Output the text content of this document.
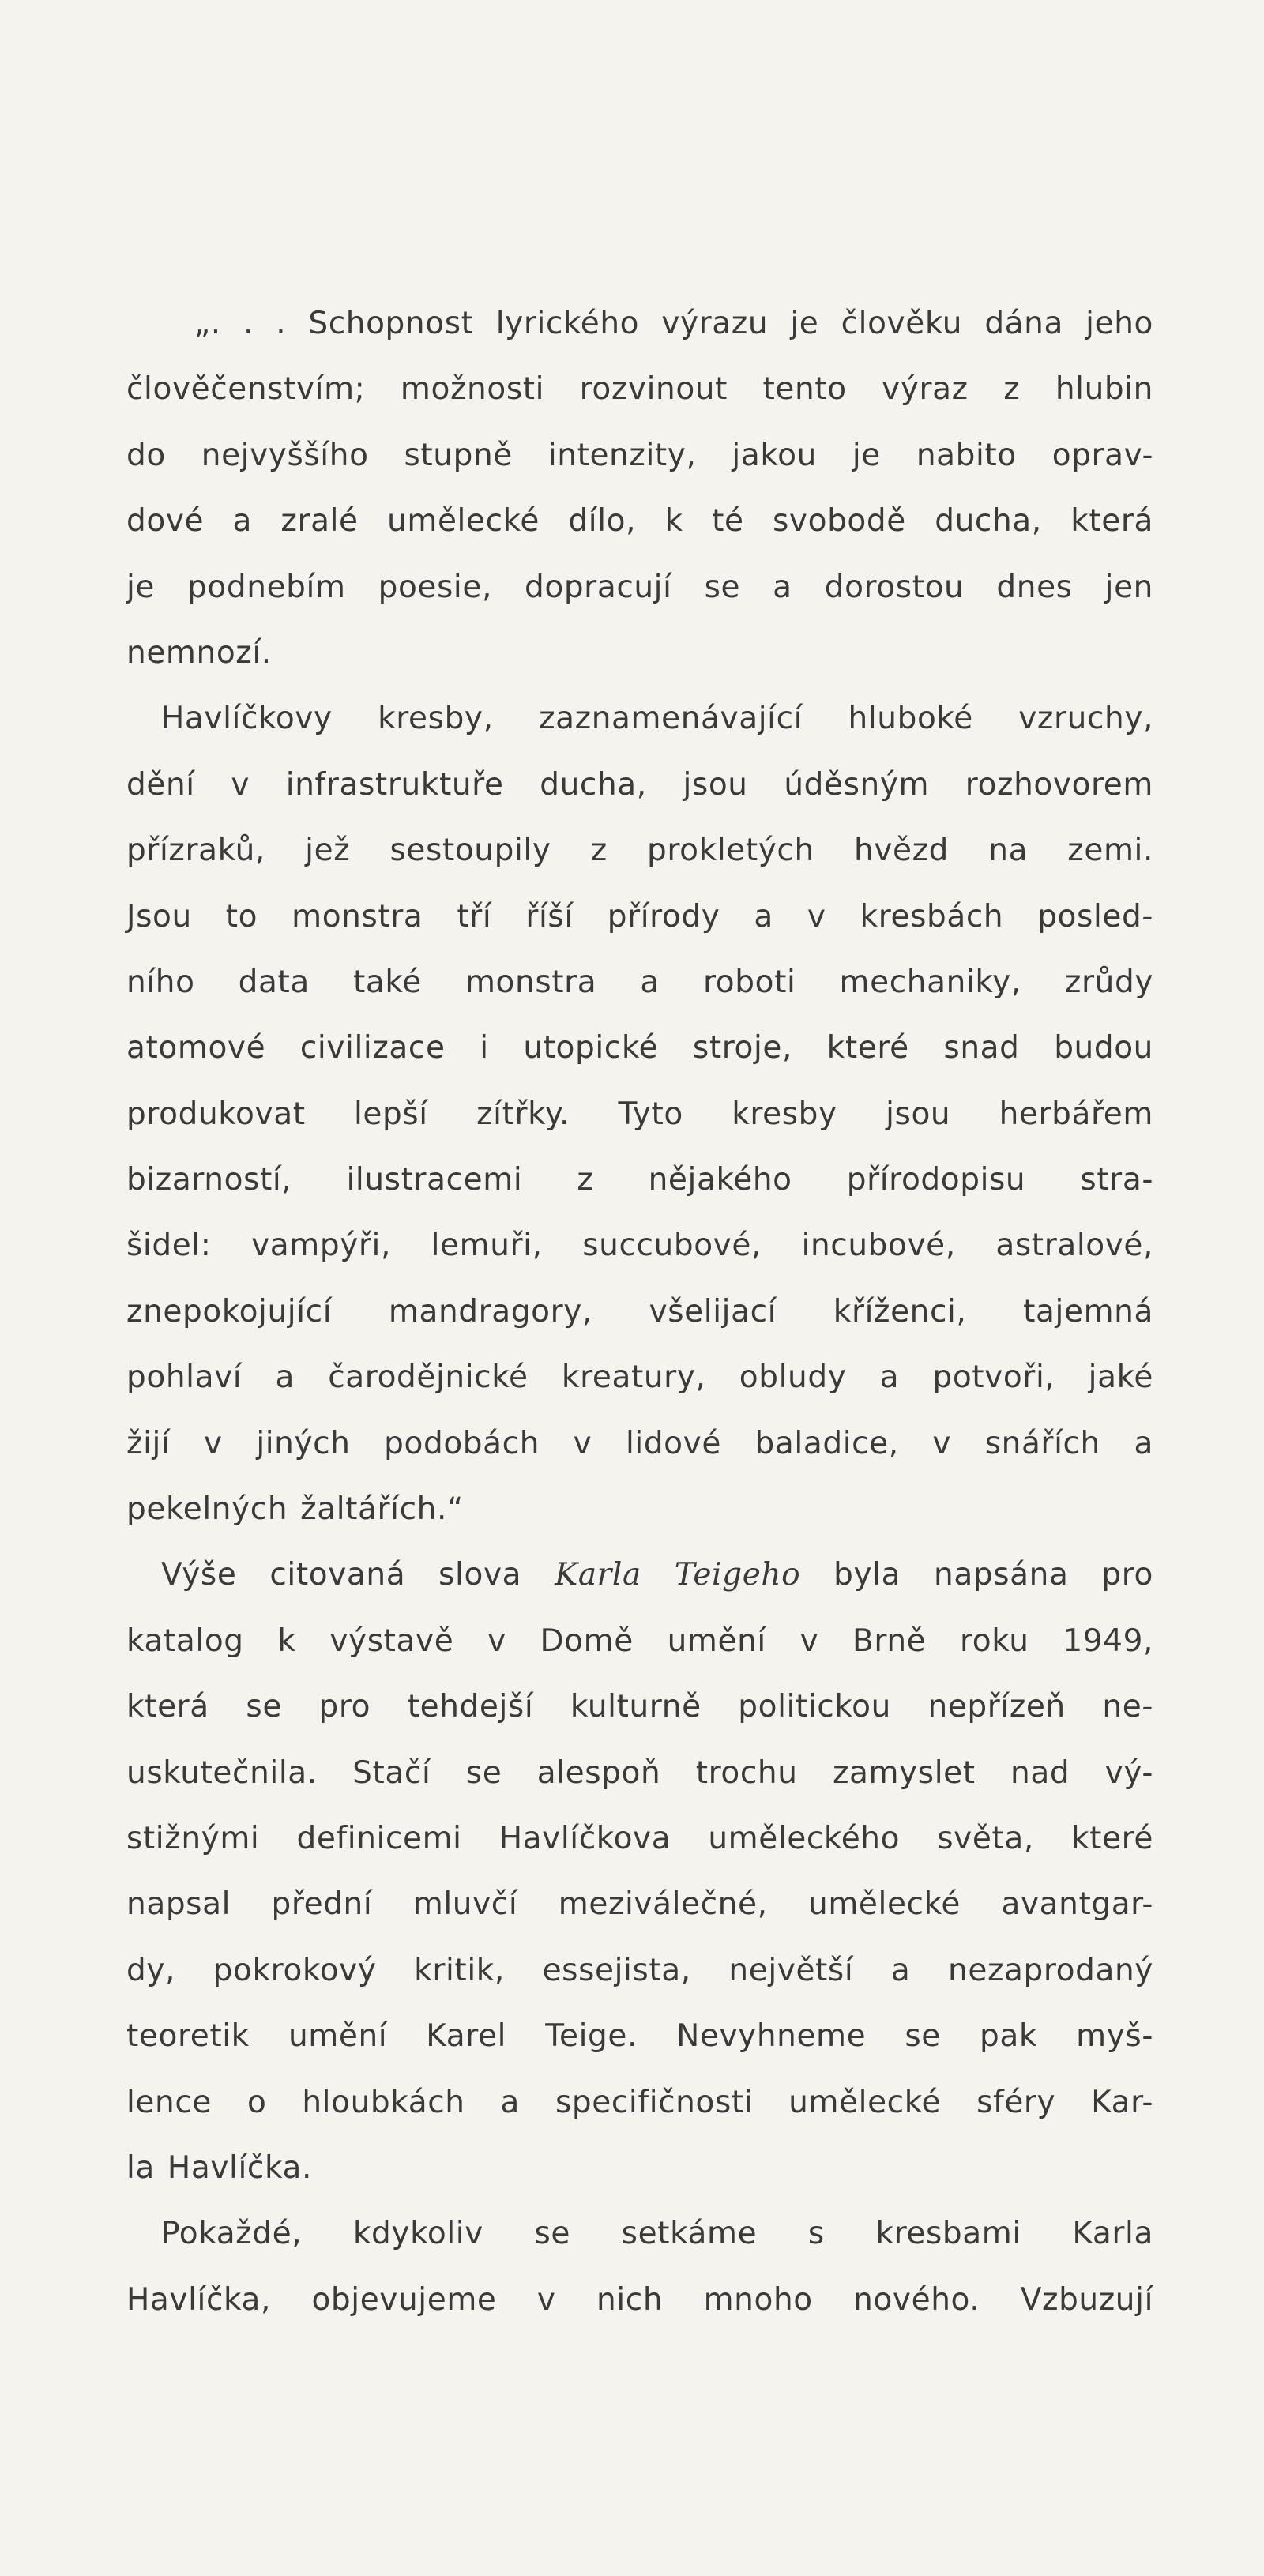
„. . . Schopnost lyrického výrazu je člověku dána jeho
člověčenstvím; možnosti rozvinout tento výraz z hlubin
do nejvyššího stupně intenzity, jakou je nabito oprav-
dové a zralé umělecké dílo, k té svobodě ducha, která
je podnebím poesie, dopracují se a dorostou dnes jen
nemnozí.
Havlíčkovy kresby, zaznamenávající hluboké vzruchy,
dění v infrastruktuře ducha, jsou úděsným rozhovorem
přízraků, jež sestoupily z prokletých hvězd na zemi.
Jsou to monstra tří říší přírody a v kresbách posled-
ního data také monstra a roboti mechaniky, zrůdy
atomové civilizace i utopické stroje, které snad budou
produkovat lepší zítřky. Tyto kresby jsou herbářem
bizarností, ilustracemi z nějakého přírodopisu stra-
šidel: vampýři, lemuři, succubové, incubové, astralové,
znepokojující mandragory, všelijací kříženci, tajemná
pohlaví a čarodějnické kreatury, obludy a potvoři, jaké
žijí v jiných podobách v lidové baladice, v snářích a
pekelných žaltářích.“
Výše citovaná slova Karla Teigeho byla napsána pro
katalog k výstavě v Domě umění v Brně roku 1949,
která se pro tehdejší kulturně politickou nepřízeň ne-
uskutečnila. Stačí se alespoň trochu zamyslet nad vý-
stižnými definicemi Havlíčkova uměleckého světa, které
napsal přední mluvčí meziválečné, umělecké avantgar-
dy, pokrokový kritik, essejista, největší a nezaprodaný
teoretik umění Karel Teige. Nevyhneme se pak myš-
lence o hloubkách a specifičnosti umělecké sféry Kar-
la Havlíčka.
Pokaždé, kdykoliv se setkáme s kresbami Karla
Havlíčka, objevujeme v nich mnoho nového. Vzbuzují
